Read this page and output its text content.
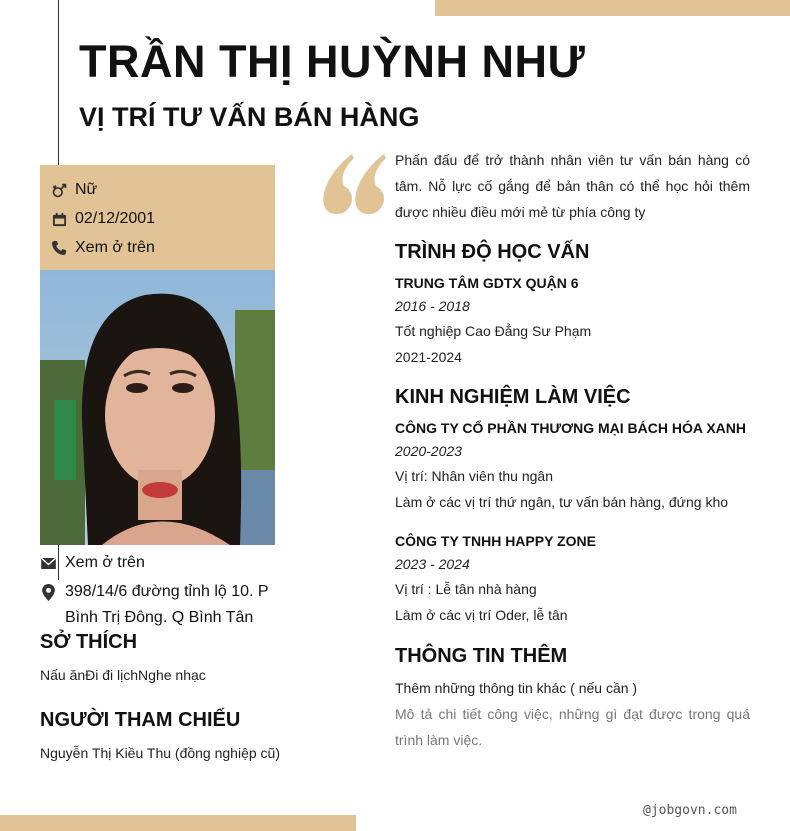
TRẦN THỊ HUỲNH NHƯ
VỊ TRÍ TƯ VẤN BÁN HÀNG
Nữ
02/12/2001
Xem ở trên
Xem ở trên
398/14/6 đường tỉnh lộ 10. P
Bình Trị Đông. Q Bình Tân
SỞ THÍCH
Nấu ănĐi đi lịchNghe nhạc
NGƯỜI THAM CHIẾU
Nguyễn Thị Kiều Thu (đồng nghiệp cũ)

Phấn đấu để trở thành nhân viên tư vấn bán hàng có tâm. Nỗ lực cố gắng để bản thân có thể học hỏi thêm được nhiều điều mới mẻ từ phía công ty

TRÌNH ĐỘ HỌC VẤN
TRUNG TÂM GDTX QUẬN 6
2016 - 2018
Tốt nghiệp Cao Đẳng Sư Phạm
2021-2024
KINH NGHIỆM LÀM VIỆC
CÔNG TY CỔ PHẦN THƯƠNG MẠI BÁCH HÓA XANH
2020-2023
Vị trí: Nhân viên thu ngân
Làm ở các vị trí thứ ngân, tư vấn bán hàng, đứng kho
CÔNG TY TNHH HAPPY ZONE
2023 - 2024
Vị trí : Lễ tân nhà hàng
Làm ở các vị trí Oder, lễ tân
THÔNG TIN THÊM
Thêm những thông tin khác ( nếu cần )

Mô tả chi tiết công việc, những gì đạt được trong quá trình làm việc.

@jobgovn.com
